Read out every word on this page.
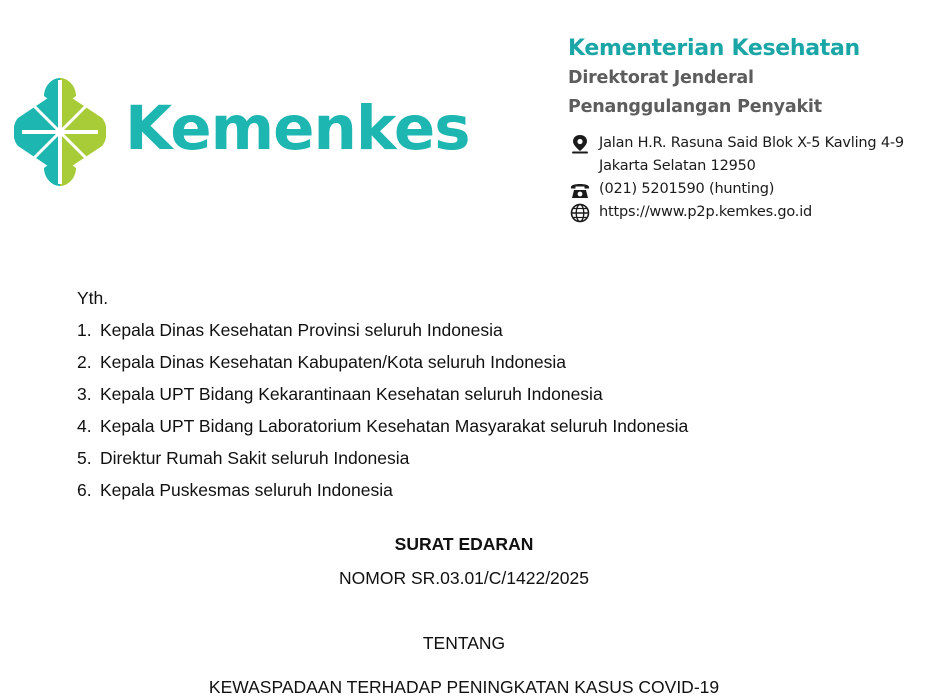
Kemenkes
Kementerian Kesehatan
Direktorat Jenderal
Penanggulangan Penyakit
Jalan H.R. Rasuna Said Blok X-5 Kavling 4-9
Jakarta Selatan 12950
(021) 5201590 (hunting)
https://www.p2p.kemkes.go.id
Yth.
1. Kepala Dinas Kesehatan Provinsi seluruh Indonesia
2. Kepala Dinas Kesehatan Kabupaten/Kota seluruh Indonesia
3. Kepala UPT Bidang Kekarantinaan Kesehatan seluruh Indonesia
4. Kepala UPT Bidang Laboratorium Kesehatan Masyarakat seluruh Indonesia
5. Direktur Rumah Sakit seluruh Indonesia
6. Kepala Puskesmas seluruh Indonesia
SURAT EDARAN
NOMOR SR.03.01/C/1422/2025
TENTANG
KEWASPADAAN TERHADAP PENINGKATAN KASUS COVID-19
